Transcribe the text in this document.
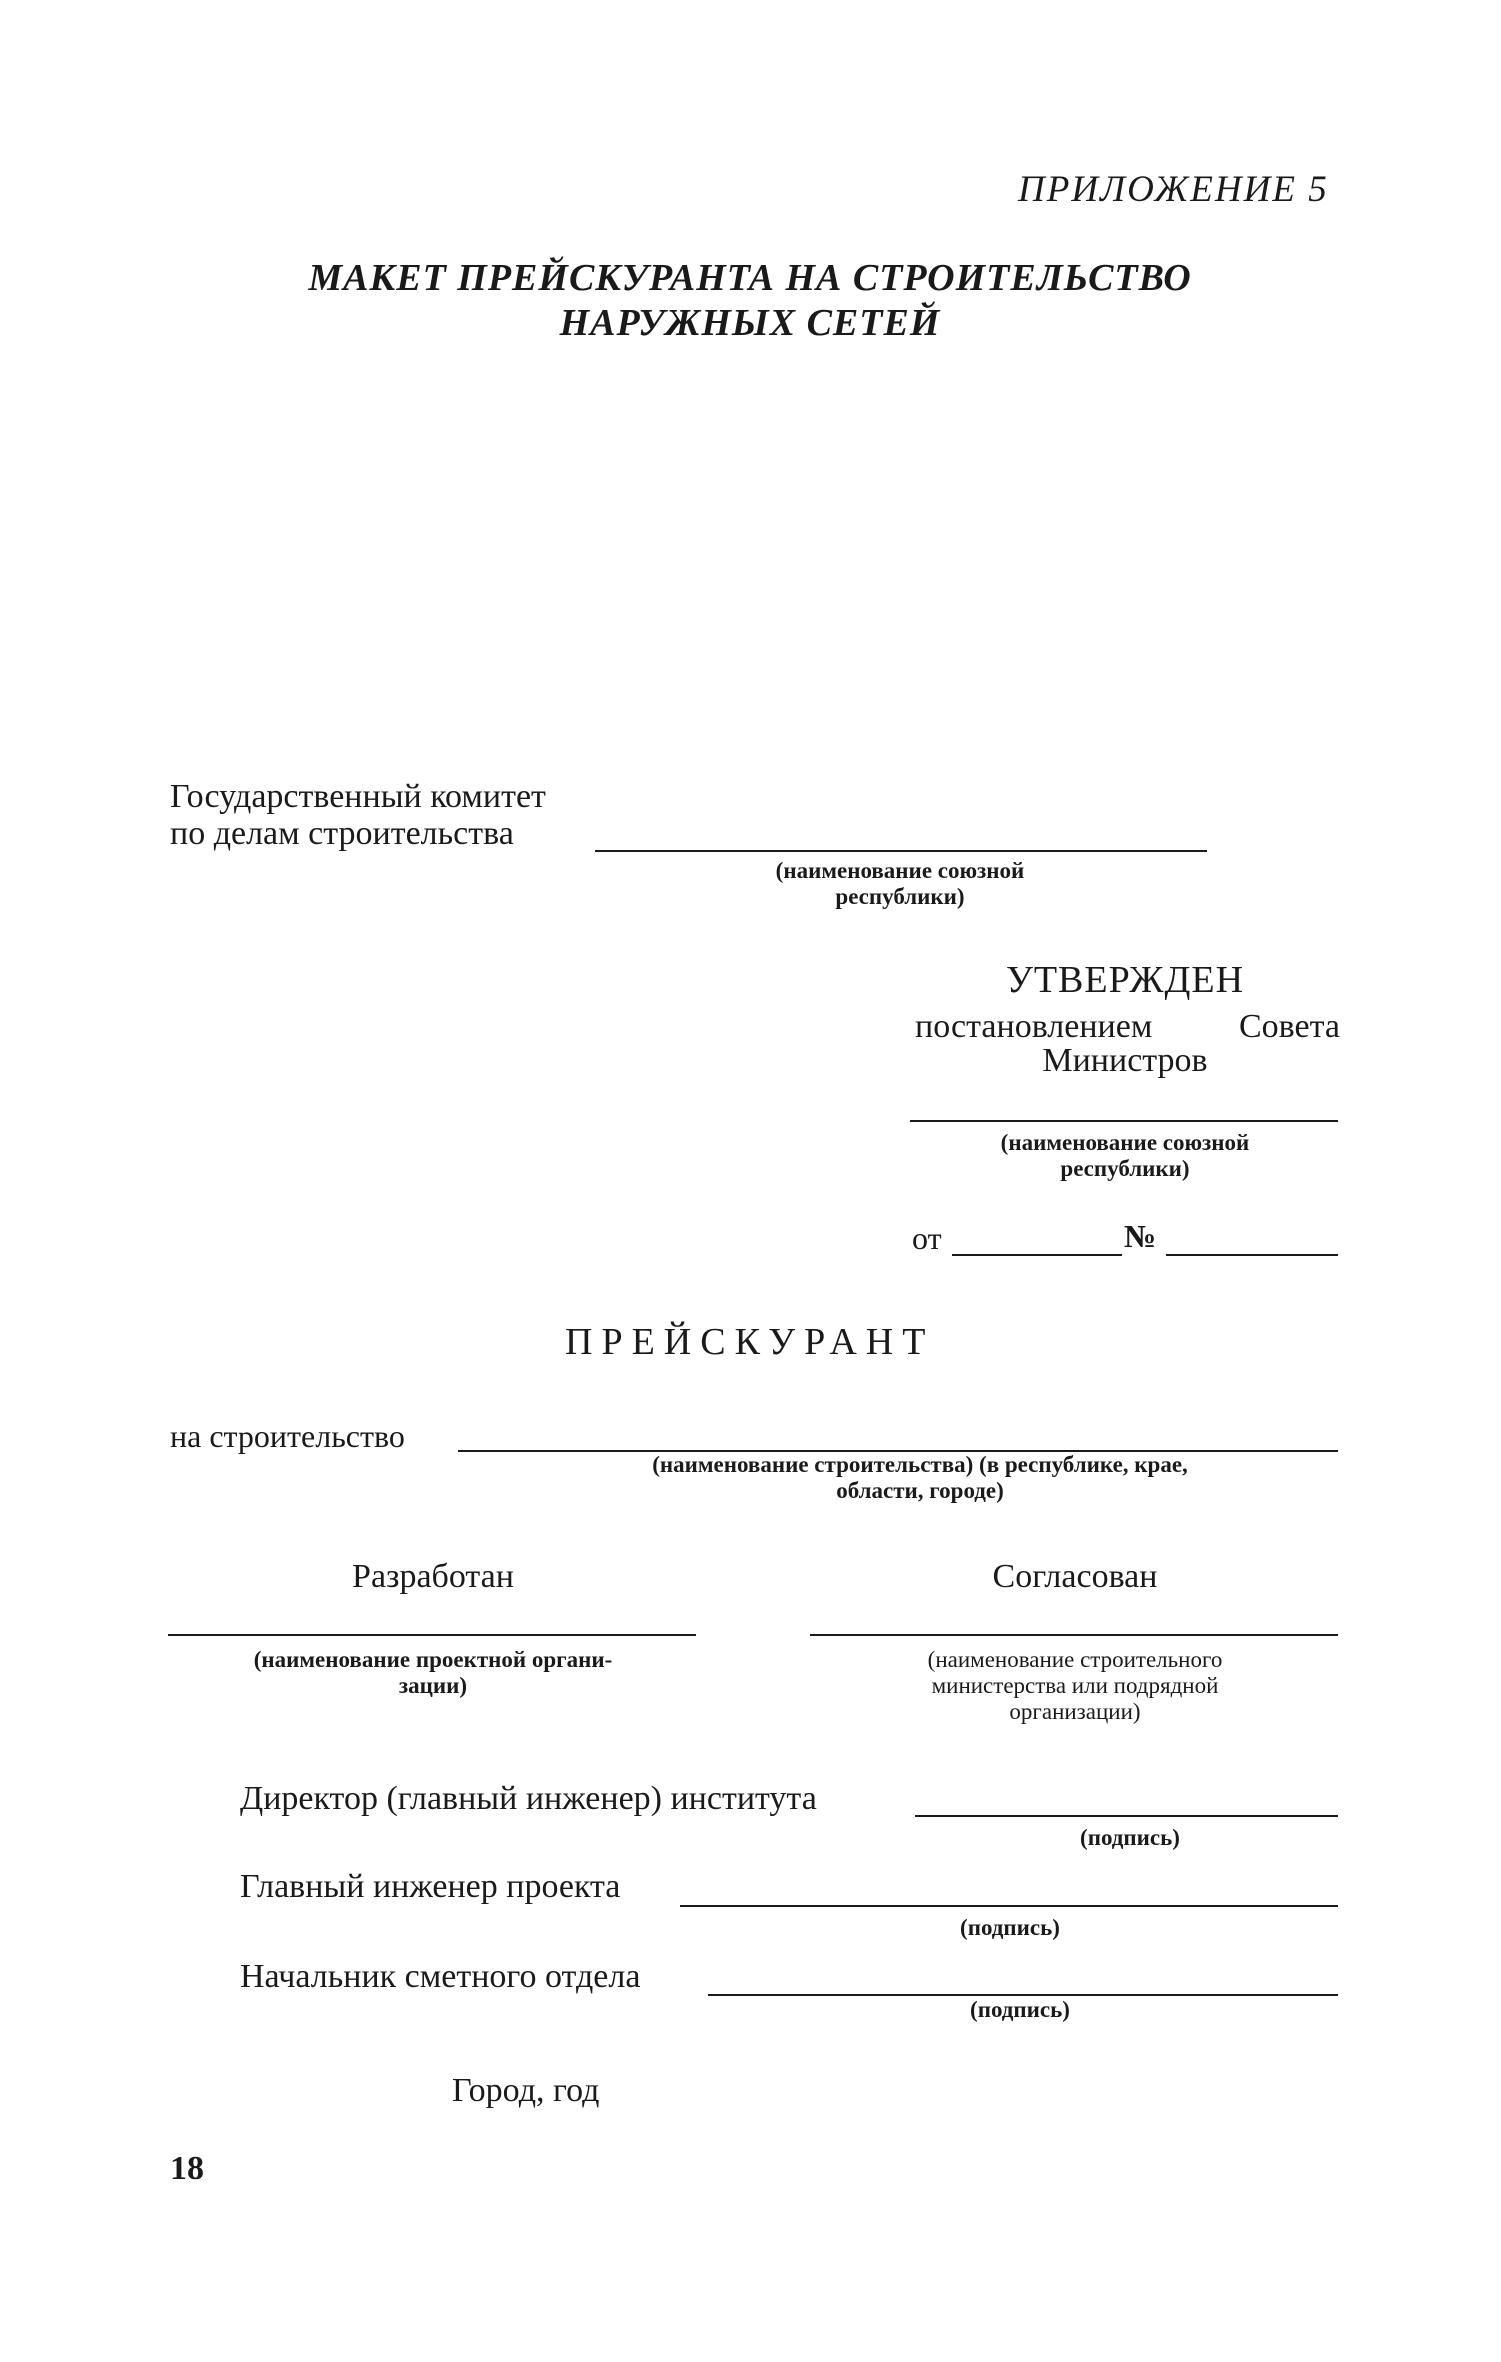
ПРИЛОЖЕНИЕ 5
МАКЕТ ПРЕЙСКУРАНТА НА СТРОИТЕЛЬСТВО
НАРУЖНЫХ СЕТЕЙ
Государственный комитет
по делам строительства
(наименование союзной
республики)
УТВЕРЖДЕН
постановлением Совета
Министров
(наименование союзной
республики)
от	№
ПРЕЙСКУРАНТ
на строительство
(наименование строительства) (в республике, крае,
области, городе)
Разработан	Согласован
(наименование проектной органи-
зации)
(наименование строительного
министерства или подрядной
организации)
Директор (главный инженер) института
(подпись)
Главный инженер проекта
(подпись)
Начальник сметного отдела
(подпись)
Город, год
18
